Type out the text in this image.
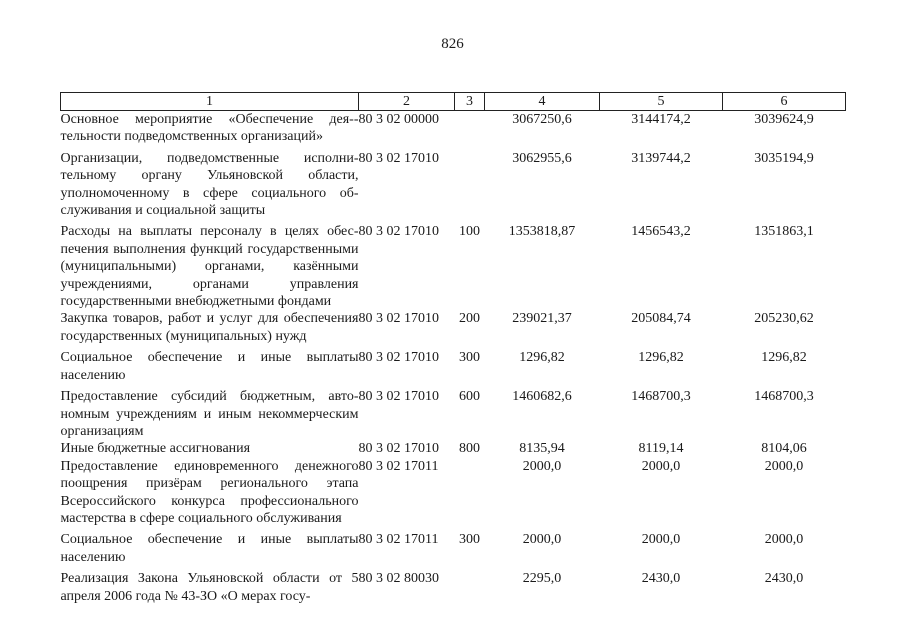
826
1	2	3	4	5	6
Основное мероприятие «Обеспечение дея-тельности подведомственных организаций»	80 3 02 00000		3067250,6	3144174,2	3039624,9
Организации, подведомственные исполнительному органу Ульяновской области, уполномоченному в сфере социального обслуживания и социальной защиты	80 3 02 17010		3062955,6	3139744,2	3035194,9
Расходы на выплаты персоналу в целях обеспечения выполнения функций государственными (муниципальными) органами, казёнными учреждениями, органами управления государственными внебюджетными фондами	80 3 02 17010	100	1353818,87	1456543,2	1351863,1
Закупка товаров, работ и услуг для обеспечения государственных (муниципальных) нужд	80 3 02 17010	200	239021,37	205084,74	205230,62
Социальное обеспечение и иные выплаты населению	80 3 02 17010	300	1296,82	1296,82	1296,82
Предоставление субсидий бюджетным, автономным учреждениям и иным некоммерческим организациям	80 3 02 17010	600	1460682,6	1468700,3	1468700,3
Иные бюджетные ассигнования	80 3 02 17010	800	8135,94	8119,14	8104,06
Предоставление единовременного денежного поощрения призёрам регионального этапа Всероссийского конкурса профессионального мастерства в сфере социального обслуживания	80 3 02 17011		2000,0	2000,0	2000,0
Социальное обеспечение и иные выплаты населению	80 3 02 17011	300	2000,0	2000,0	2000,0
Реализация Закона Ульяновской области от 5 апреля 2006 года № 43-ЗО «О мерах госу-	80 3 02 80030		2295,0	2430,0	2430,0
